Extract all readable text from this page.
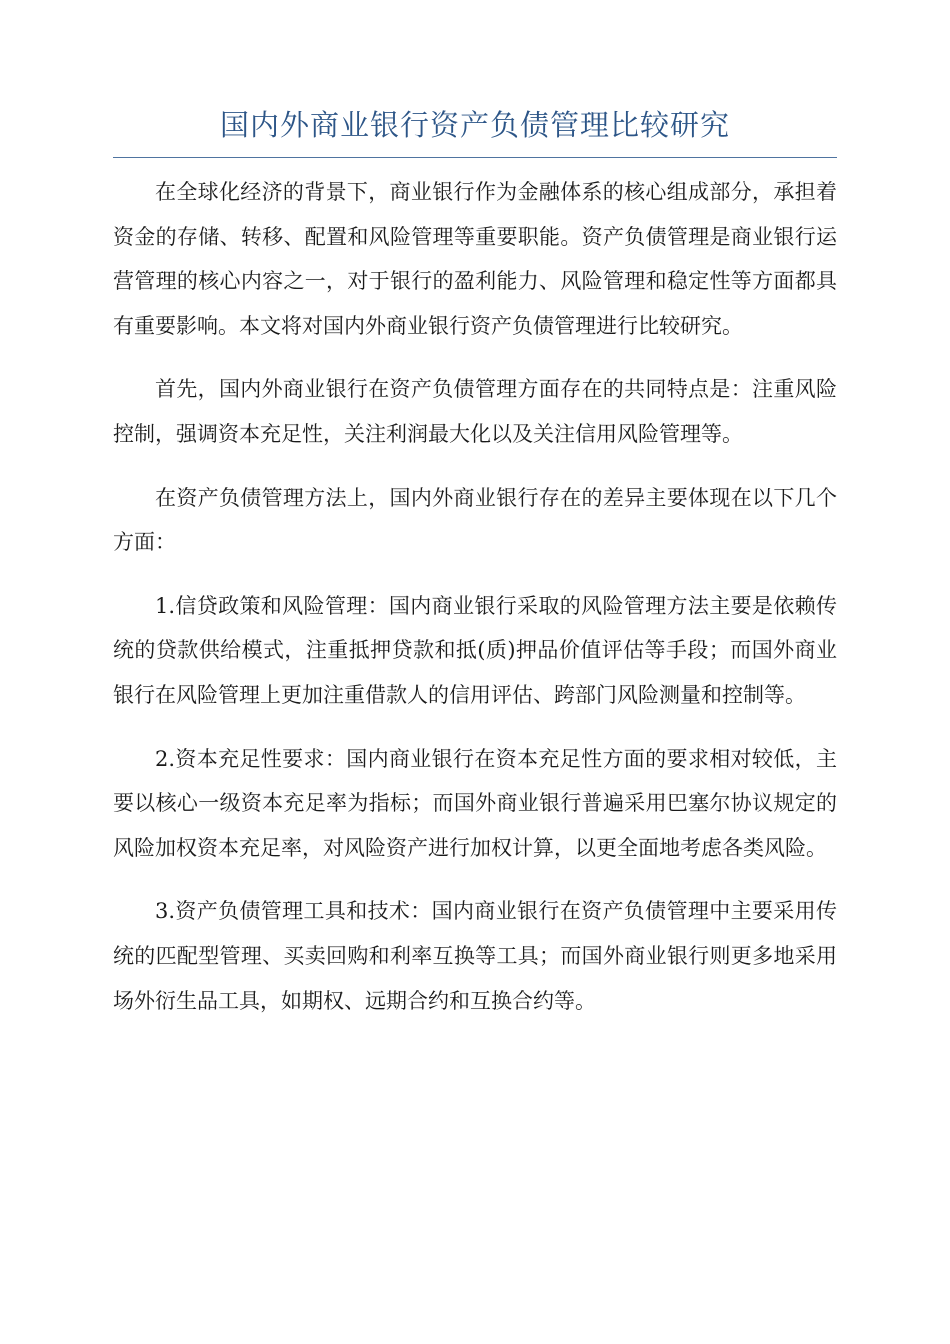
国内外商业银行资产负债管理比较研究

在全球化经济的背景下，商业银行作为金融体系的核心组成部分，承担着资金的存储、转移、配置和风险管理等重要职能。资产负债管理是商业银行运营管理的核心内容之一，对于银行的盈利能力、风险管理和稳定性等方面都具有重要影响。本文将对国内外商业银行资产负债管理进行比较研究。

首先，国内外商业银行在资产负债管理方面存在的共同特点是：注重风险控制，强调资本充足性，关注利润最大化以及关注信用风险管理等。

在资产负债管理方法上，国内外商业银行存在的差异主要体现在以下几个方面：

1.信贷政策和风险管理：国内商业银行采取的风险管理方法主要是依赖传统的贷款供给模式，注重抵押贷款和抵(质)押品价值评估等手段；而国外商业银行在风险管理上更加注重借款人的信用评估、跨部门风险测量和控制等。

2.资本充足性要求：国内商业银行在资本充足性方面的要求相对较低，主要以核心一级资本充足率为指标；而国外商业银行普遍采用巴塞尔协议规定的风险加权资本充足率，对风险资产进行加权计算，以更全面地考虑各类风险。

3.资产负债管理工具和技术：国内商业银行在资产负债管理中主要采用传统的匹配型管理、买卖回购和利率互换等工具；而国外商业银行则更多地采用场外衍生品工具，如期权、远期合约和互换合约等。
